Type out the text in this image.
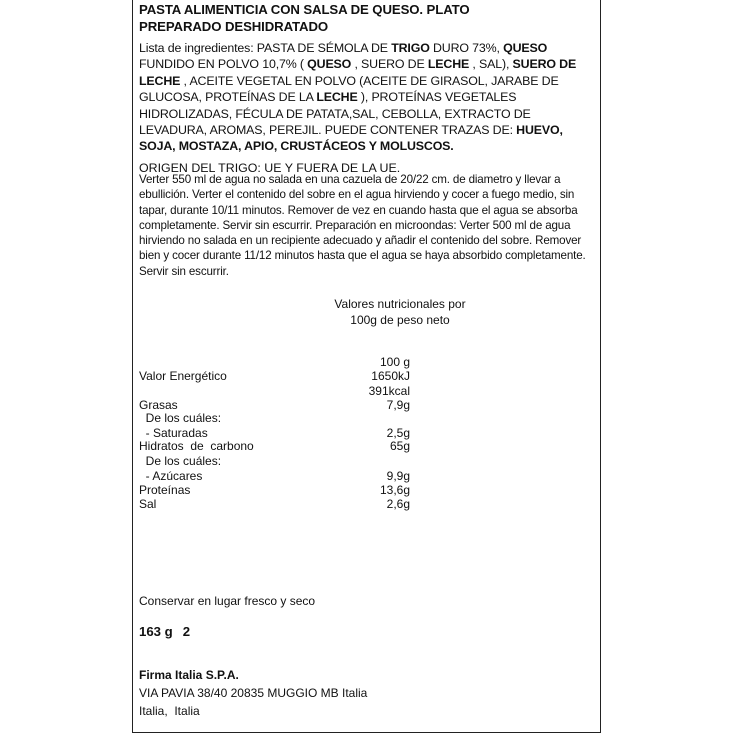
PASTA ALIMENTICIA CON SALSA DE QUESO. PLATO
PREPARADO DESHIDRATADO
Lista de ingredientes: PASTA DE SÉMOLA DE TRIGO DURO 73%, QUESO FUNDIDO EN POLVO 10,7% ( QUESO , SUERO DE LECHE , SAL), SUERO DE LECHE , ACEITE VEGETAL EN POLVO (ACEITE DE GIRASOL, JARABE DE GLUCOSA, PROTEÍNAS DE LA LECHE ), PROTEÍNAS VEGETALES HIDROLIZADAS, FÉCULA DE PATATA,SAL, CEBOLLA, EXTRACTO DE LEVADURA, AROMAS, PEREJIL. PUEDE CONTENER TRAZAS DE: HUEVO, SOJA, MOSTAZA, APIO, CRUSTÁCEOS Y MOLUSCOS.
ORIGEN DEL TRIGO: UE Y FUERA DE LA UE.
Verter 550 ml de agua no salada en una cazuela de 20/22 cm. de diametro y llevar a ebullición. Verter el contenido del sobre en el agua hirviendo y cocer a fuego medio, sin tapar, durante 10/11 minutos. Remover de vez en cuando hasta que el agua se absorba completamente. Servir sin escurrir. Preparación en microondas: Verter 500 ml de agua hirviendo no salada en un recipiente adecuado y añadir el contenido del sobre. Remover bien y cocer durante 11/12 minutos hasta que el agua se haya absorbido completamente. Servir sin escurrir.
Valores nutricionales por
100g de peso neto
100 g
Valor Energético	1650kJ
391kcal
Grasas	7,9g
De los cuáles:
- Saturadas	2,5g
Hidratos  de  carbono	65g
De los cuáles:
- Azúcares	9,9g
Proteínas	13,6g
Sal	2,6g
Conservar en lugar fresco y seco
163 g 2
Firma Italia S.P.A.
VIA PAVIA 38/40 20835 MUGGIO MB Italia
Italia,  Italia
